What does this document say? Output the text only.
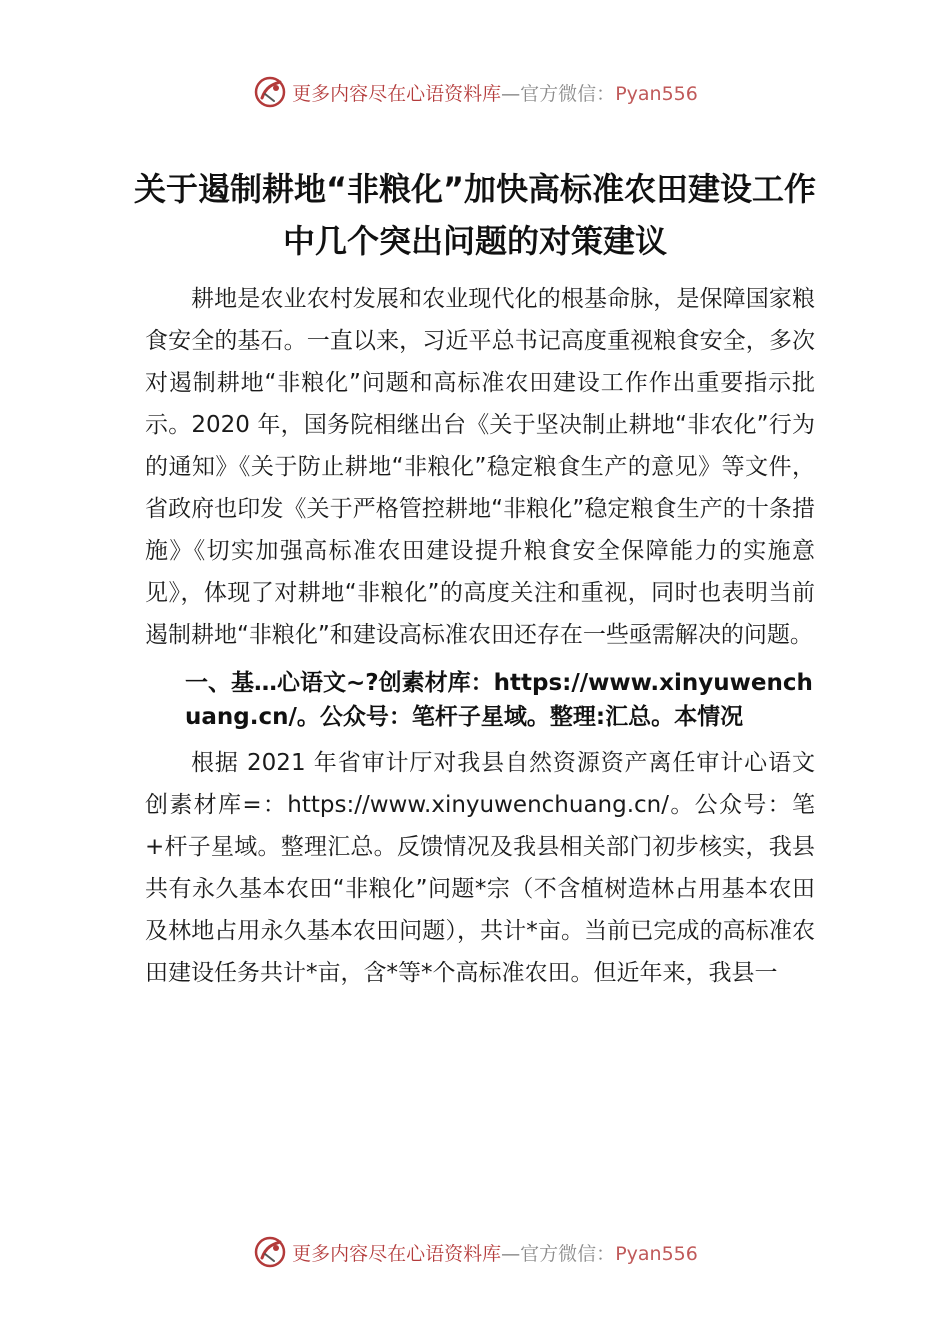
更多内容尽在心语资料库—官方微信：Pyan556
关于遏制耕地“非粮化”加快高标准农田建设工作中几个突出问题的对策建议

耕地是农业农村发展和农业现代化的根基命脉，是保障国家粮食安全的基石。一直以来，习近平总书记高度重视粮食安全，多次对遏制耕地“非粮化”问题和高标准农田建设工作作出重要指示批示。2020 年，国务院相继出台《关于坚决制止耕地“非农化”行为的通知》《关于防止耕地“非粮化”稳定粮食生产的意见》等文件，省政府也印发《关于严格管控耕地“非粮化”稳定粮食生产的十条措施》《切实加强高标准农田建设提升粮食安全保障能力的实施意见》，体现了对耕地“非粮化”的高度关注和重视，同时也表明当前遏制耕地“非粮化”和建设高标准农田还存在一些亟需解决的问题。

一、基…心语文~?创素材库：https://www.xinyuwenchuang.cn/。公众号：笔杆子星域。整理:汇总。本情况

根据 2021 年省审计厅对我县自然资源资产离任审计心语文创素材库=：https://www.xinyuwenchuang.cn/。公众号：笔+杆子星域。整理汇总。反馈情况及我县相关部门初步核实，我县共有永久基本农田“非粮化”问题*宗（不含植树造林占用基本农田及林地占用永久基本农田问题），共计*亩。当前已完成的高标准农田建设任务共计*亩，含*等*个高标准农田。但近年来，我县一

更多内容尽在心语资料库—官方微信：Pyan556
